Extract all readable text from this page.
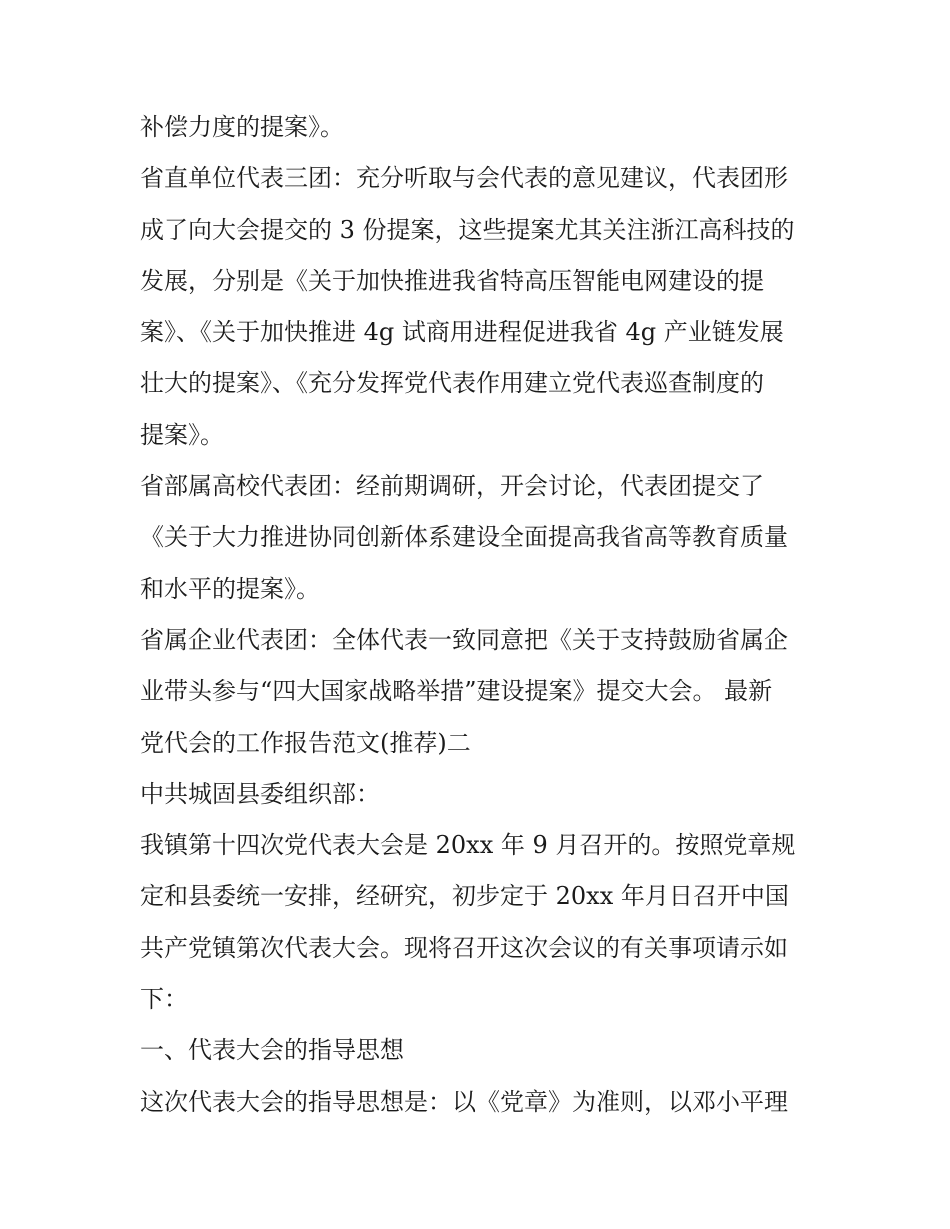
补偿力度的提案》。
省直单位代表三团：充分听取与会代表的意见建议，代表团形
成了向大会提交的 3 份提案，这些提案尤其关注浙江高科技的
发展，分别是《关于加快推进我省特高压智能电网建设的提
案》、《关于加快推进 4g 试商用进程促进我省 4g 产业链发展
壮大的提案》、《充分发挥党代表作用建立党代表巡查制度的
提案》。
省部属高校代表团：经前期调研，开会讨论，代表团提交了
《关于大力推进协同创新体系建设全面提高我省高等教育质量
和水平的提案》。
省属企业代表团：全体代表一致同意把《关于支持鼓励省属企
业带头参与“四大国家战略举措”建设提案》提交大会。 最新
党代会的工作报告范文(推荐)二
中共城固县委组织部：
我镇第十四次党代表大会是 20xx 年 9 月召开的。按照党章规
定和县委统一安排，经研究，初步定于 20xx 年月日召开中国
共产党镇第次代表大会。现将召开这次会议的有关事项请示如
下：
一、代表大会的指导思想
这次代表大会的指导思想是：以《党章》为准则，以邓小平理
